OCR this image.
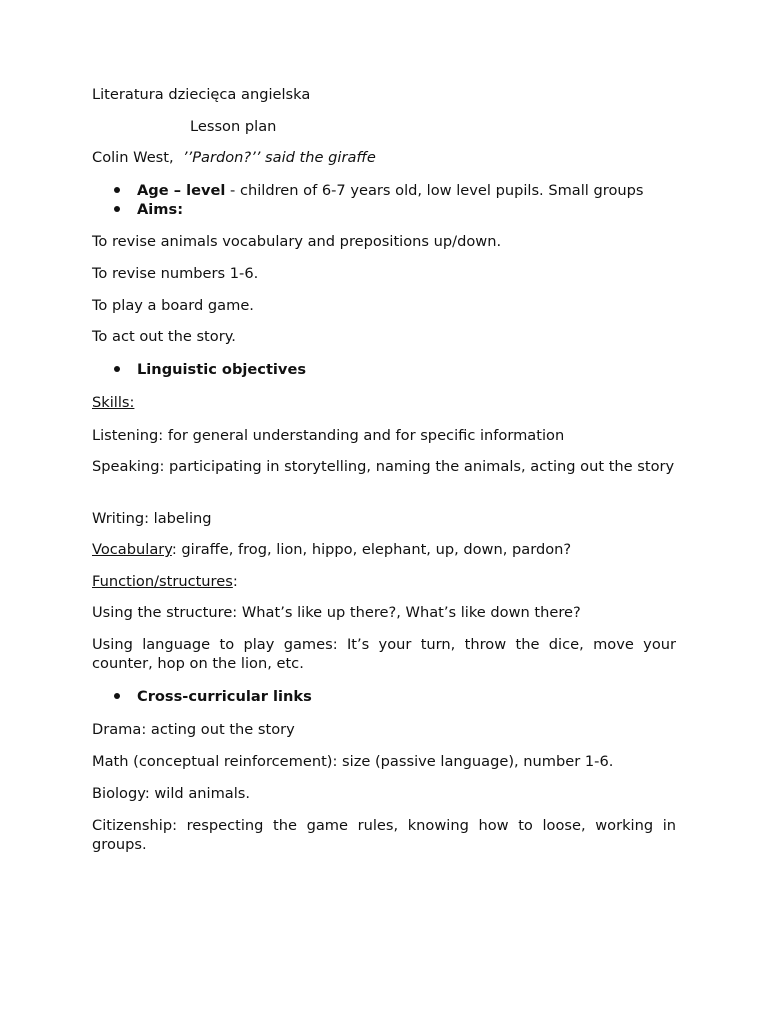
Literatura dziecięca angielska
Lesson plan
Colin West, ’’Pardon?’’ said the giraffe
Age – level - children of 6-7 years old, low level pupils. Small groups
Aims:
To revise animals vocabulary and prepositions up/down.
To revise numbers 1-6.
To play a board game.
To act out the story.
Linguistic objectives
Skills:
Listening: for general understanding and for specific information
Speaking: participating in storytelling, naming the animals, acting out the story
Writing: labeling
Vocabulary: giraffe, frog, lion, hippo, elephant, up, down, pardon?
Function/structures:
Using the structure: What’s like up there?, What’s like down there?
Using language to play games: It’s your turn, throw the dice, move your counter, hop on the lion, etc.
Cross-curricular links
Drama: acting out the story
Math (conceptual reinforcement): size (passive language), number 1-6.
Biology: wild animals.
Citizenship: respecting the game rules, knowing how to loose, working in groups.
